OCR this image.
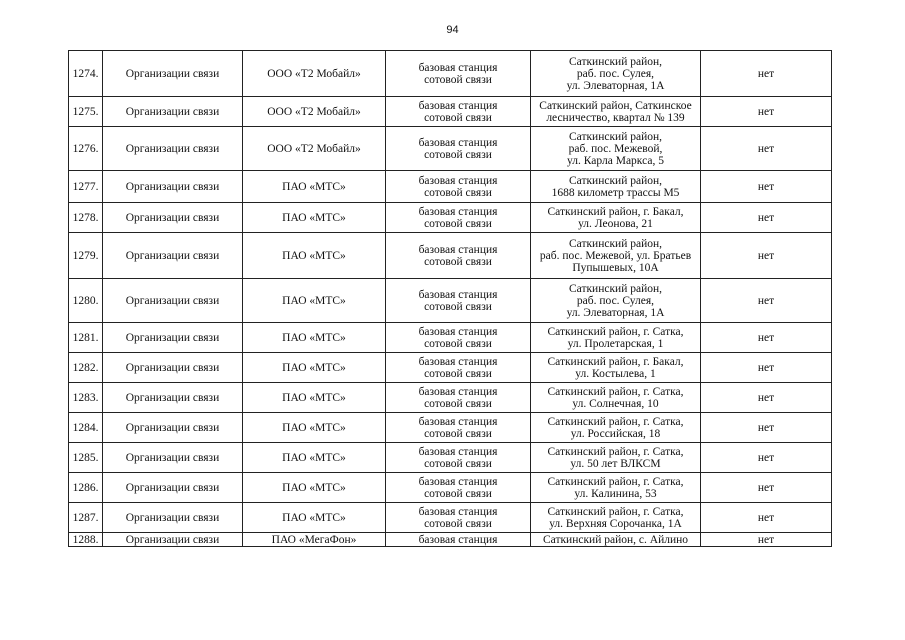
94
1274.	Организации связи	ООО «Т2 Мобайл»	базовая станция
сотовой связи	Саткинский район,
раб. пос. Сулея,
ул. Элеваторная, 1А	нет
1275.	Организации связи	ООО «Т2 Мобайл»	базовая станция
сотовой связи	Саткинский район, Саткинское
лесничество, квартал № 139	нет
1276.	Организации связи	ООО «Т2 Мобайл»	базовая станция
сотовой связи	Саткинский район,
раб. пос. Межевой,
ул. Карла Маркса, 5	нет
1277.	Организации связи	ПАО «МТС»	базовая станция
сотовой связи	Саткинский район,
1688 километр трассы М5	нет
1278.	Организации связи	ПАО «МТС»	базовая станция
сотовой связи	Саткинский район, г. Бакал,
ул. Леонова, 21	нет
1279.	Организации связи	ПАО «МТС»	базовая станция
сотовой связи	Саткинский район,
раб. пос. Межевой, ул. Братьев
Пупышевых, 10А	нет
1280.	Организации связи	ПАО «МТС»	базовая станция
сотовой связи	Саткинский район,
раб. пос. Сулея,
ул. Элеваторная, 1А	нет
1281.	Организации связи	ПАО «МТС»	базовая станция
сотовой связи	Саткинский район, г. Сатка,
ул. Пролетарская, 1	нет
1282.	Организации связи	ПАО «МТС»	базовая станция
сотовой связи	Саткинский район, г. Бакал,
ул. Костылева, 1	нет
1283.	Организации связи	ПАО «МТС»	базовая станция
сотовой связи	Саткинский район, г. Сатка,
ул. Солнечная, 10	нет
1284.	Организации связи	ПАО «МТС»	базовая станция
сотовой связи	Саткинский район, г. Сатка,
ул. Российская, 18	нет
1285.	Организации связи	ПАО «МТС»	базовая станция
сотовой связи	Саткинский район, г. Сатка,
ул. 50 лет ВЛКСМ	нет
1286.	Организации связи	ПАО «МТС»	базовая станция
сотовой связи	Саткинский район, г. Сатка,
ул. Калинина, 53	нет
1287.	Организации связи	ПАО «МТС»	базовая станция
сотовой связи	Саткинский район, г. Сатка,
ул. Верхняя Сорочанка, 1А	нет
1288.	Организации связи	ПАО «МегаФон»	базовая станция	Саткинский район, с. Айлино	нет
